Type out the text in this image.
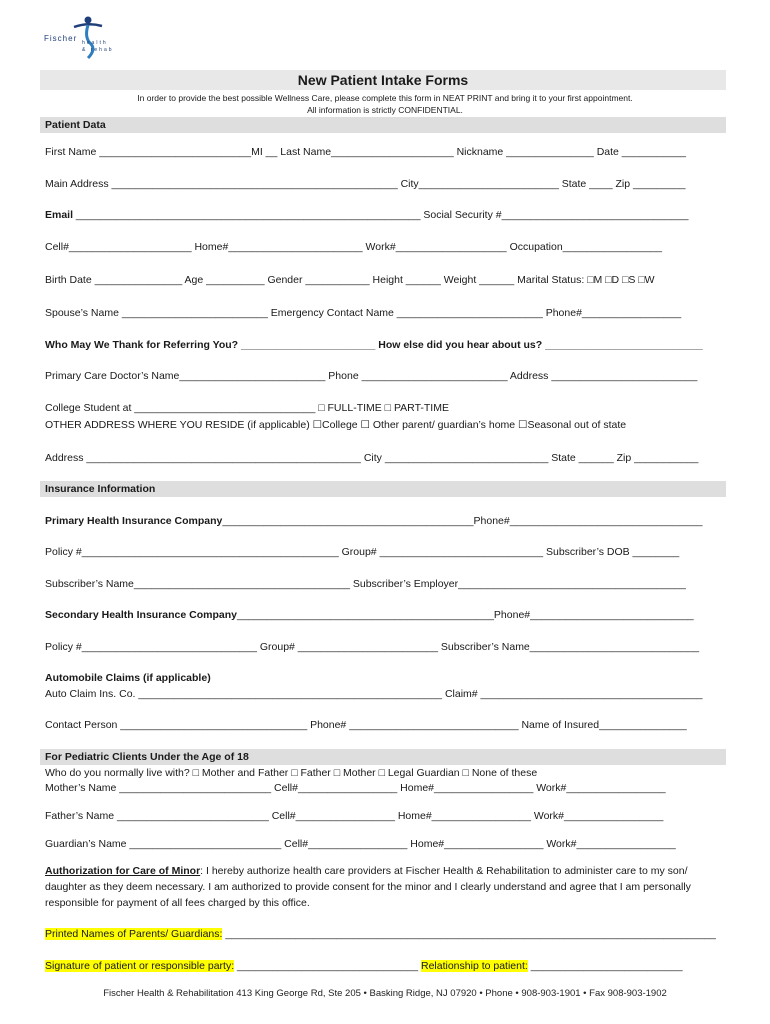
Fischer health
& rehab
New Patient Intake Forms
In order to provide the best possible Wellness Care, please complete this form in NEAT PRINT and bring it to your first appointment.
All information is strictly CONFIDENTIAL.
Patient Data
First Name __________________________MI __ Last Name_____________________ Nickname _______________ Date ___________
Main Address _________________________________________________ City________________________ State ____ Zip _________
Email ___________________________________________________________ Social Security #________________________________
Cell#_____________________ Home#_______________________ Work#___________________ Occupation_________________
Birth Date _______________ Age __________ Gender ___________ Height ______ Weight ______ Marital Status: □M □D □S □W
Spouse’s Name _________________________ Emergency Contact Name _________________________ Phone#_________________
Who May We Thank for Referring You? _______________________ How else did you hear about us? ___________________________
Primary Care Doctor’s Name_________________________ Phone _________________________ Address _________________________
College Student at _______________________________ □ FULL-TIME □ PART-TIME
OTHER ADDRESS WHERE YOU RESIDE (if applicable) ☐College ☐ Other parent/ guardian’s home ☐Seasonal out of state
Address _______________________________________________ City ____________________________ State ______ Zip ___________
Insurance Information
Primary Health Insurance Company___________________________________________Phone#_________________________________
Policy #____________________________________________ Group# ____________________________ Subscriber’s DOB ________
Subscriber’s Name_____________________________________ Subscriber’s Employer_______________________________________
Secondary Health Insurance Company____________________________________________Phone#____________________________
Policy #______________________________ Group# ________________________ Subscriber’s Name_____________________________
Automobile Claims (if applicable)
Auto Claim Ins. Co. ____________________________________________________ Claim# ______________________________________
Contact Person ________________________________ Phone# _____________________________ Name of Insured_______________
For Pediatric Clients Under the Age of 18
Who do you normally live with? □ Mother and Father □ Father □ Mother □ Legal Guardian □ None of these
Mother’s Name __________________________ Cell#_________________ Home#_________________ Work#_________________
Father’s Name __________________________ Cell#_________________ Home#_________________ Work#_________________
Guardian’s Name __________________________ Cell#_________________ Home#_________________ Work#_________________
Authorization for Care of Minor: I hereby authorize health care providers at Fischer Health & Rehabilitation to administer care to my son/ daughter as they deem necessary. I am authorized to provide consent for the minor and I clearly understand and agree that I am personally responsible for payment of all fees charged by this office.
Printed Names of Parents/ Guardians: ____________________________________________________________________________________
Signature of patient or responsible party: _______________________________ Relationship to patient: __________________________
Fischer Health & Rehabilitation 413 King George Rd, Ste 205 • Basking Ridge, NJ 07920 • Phone • 908-903-1901 • Fax 908-903-1902
